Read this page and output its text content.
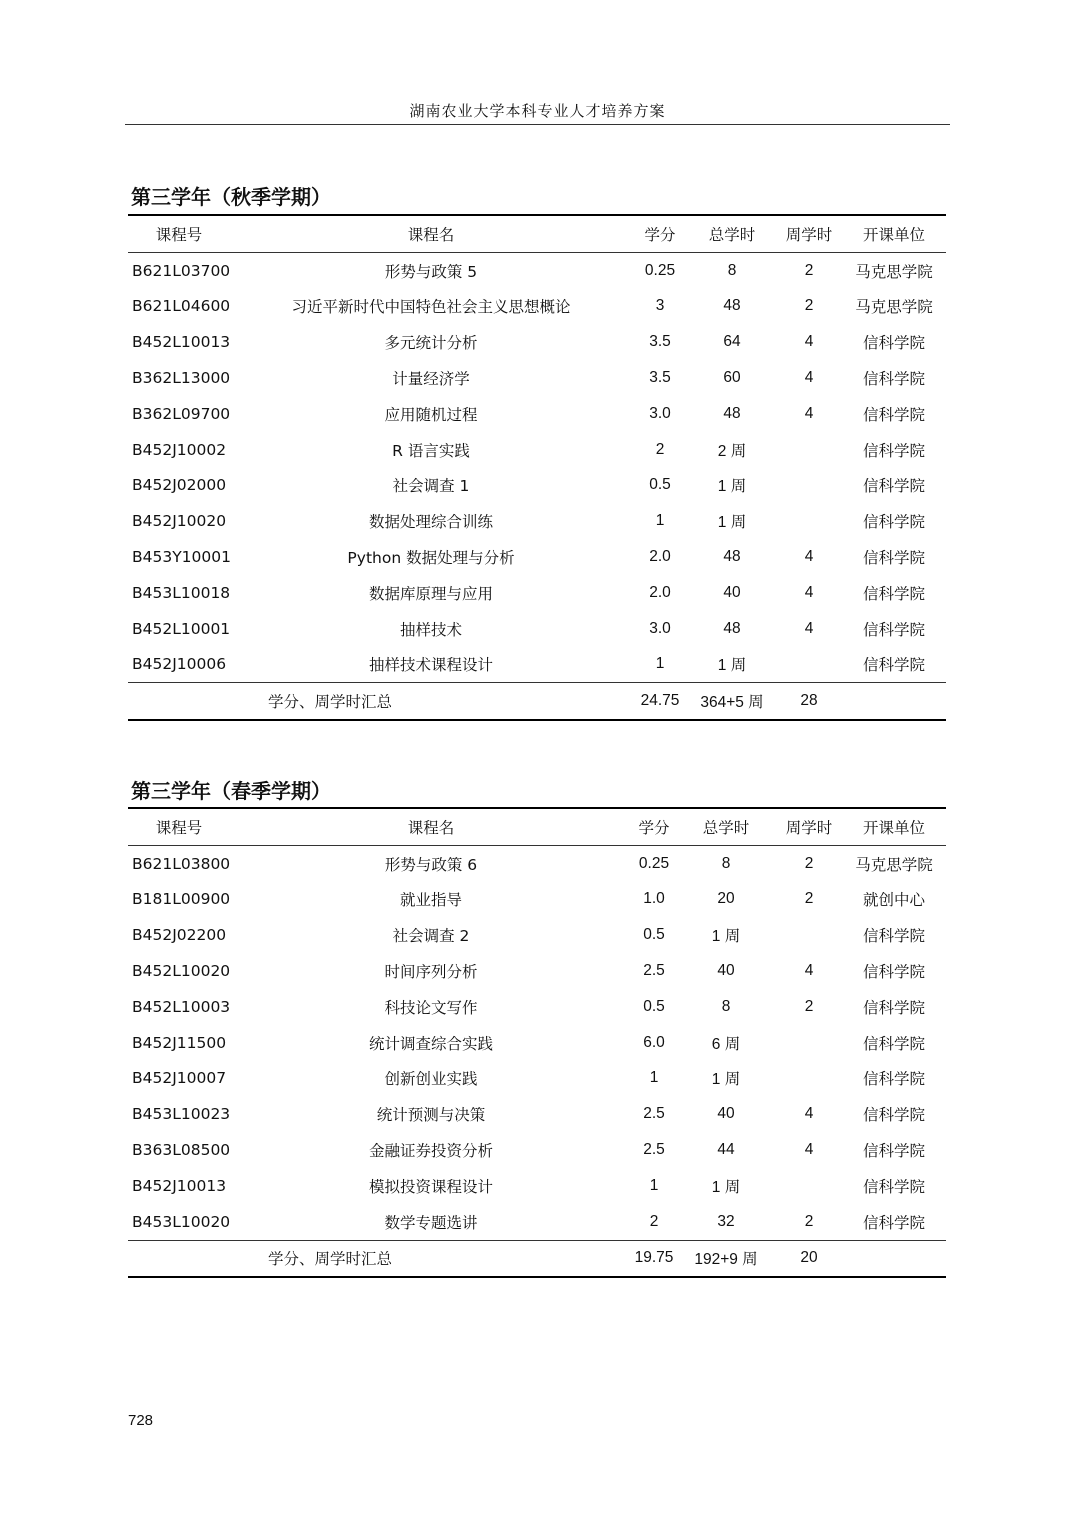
湖南农业大学本科专业人才培养方案
第三学年（秋季学期）
课程号	课程名	学分	总学时	周学时	开课单位
B621L03700	形势与政策 5	0.25	8	2	马克思学院
B621L04600	习近平新时代中国特色社会主义思想概论	3	48	2	马克思学院
B452L10013	多元统计分析	3.5	64	4	信科学院
B362L13000	计量经济学	3.5	60	4	信科学院
B362L09700	应用随机过程	3.0	48	4	信科学院
B452J10002	R 语言实践	2	2 周		信科学院
B452J02000	社会调查 1	0.5	1 周		信科学院
B452J10020	数据处理综合训练	1	1 周		信科学院
B453Y10001	Python 数据处理与分析	2.0	48	4	信科学院
B453L10018	数据库原理与应用	2.0	40	4	信科学院
B452L10001	抽样技术	3.0	48	4	信科学院
B452J10006	抽样技术课程设计	1	1 周		信科学院
学分、周学时汇总		24.75	364+5 周	28	
第三学年（春季学期）
课程号	课程名	学分	总学时	周学时	开课单位
B621L03800	形势与政策 6	0.25	8	2	马克思学院
B181L00900	就业指导	1.0	20	2	就创中心
B452J02200	社会调查 2	0.5	1 周		信科学院
B452L10020	时间序列分析	2.5	40	4	信科学院
B452L10003	科技论文写作	0.5	8	2	信科学院
B452J11500	统计调查综合实践	6.0	6 周		信科学院
B452J10007	创新创业实践	1	1 周		信科学院
B453L10023	统计预测与决策	2.5	40	4	信科学院
B363L08500	金融证券投资分析	2.5	44	4	信科学院
B452J10013	模拟投资课程设计	1	1 周		信科学院
B453L10020	数学专题选讲	2	32	2	信科学院
学分、周学时汇总		19.75	192+9 周	20	
728
